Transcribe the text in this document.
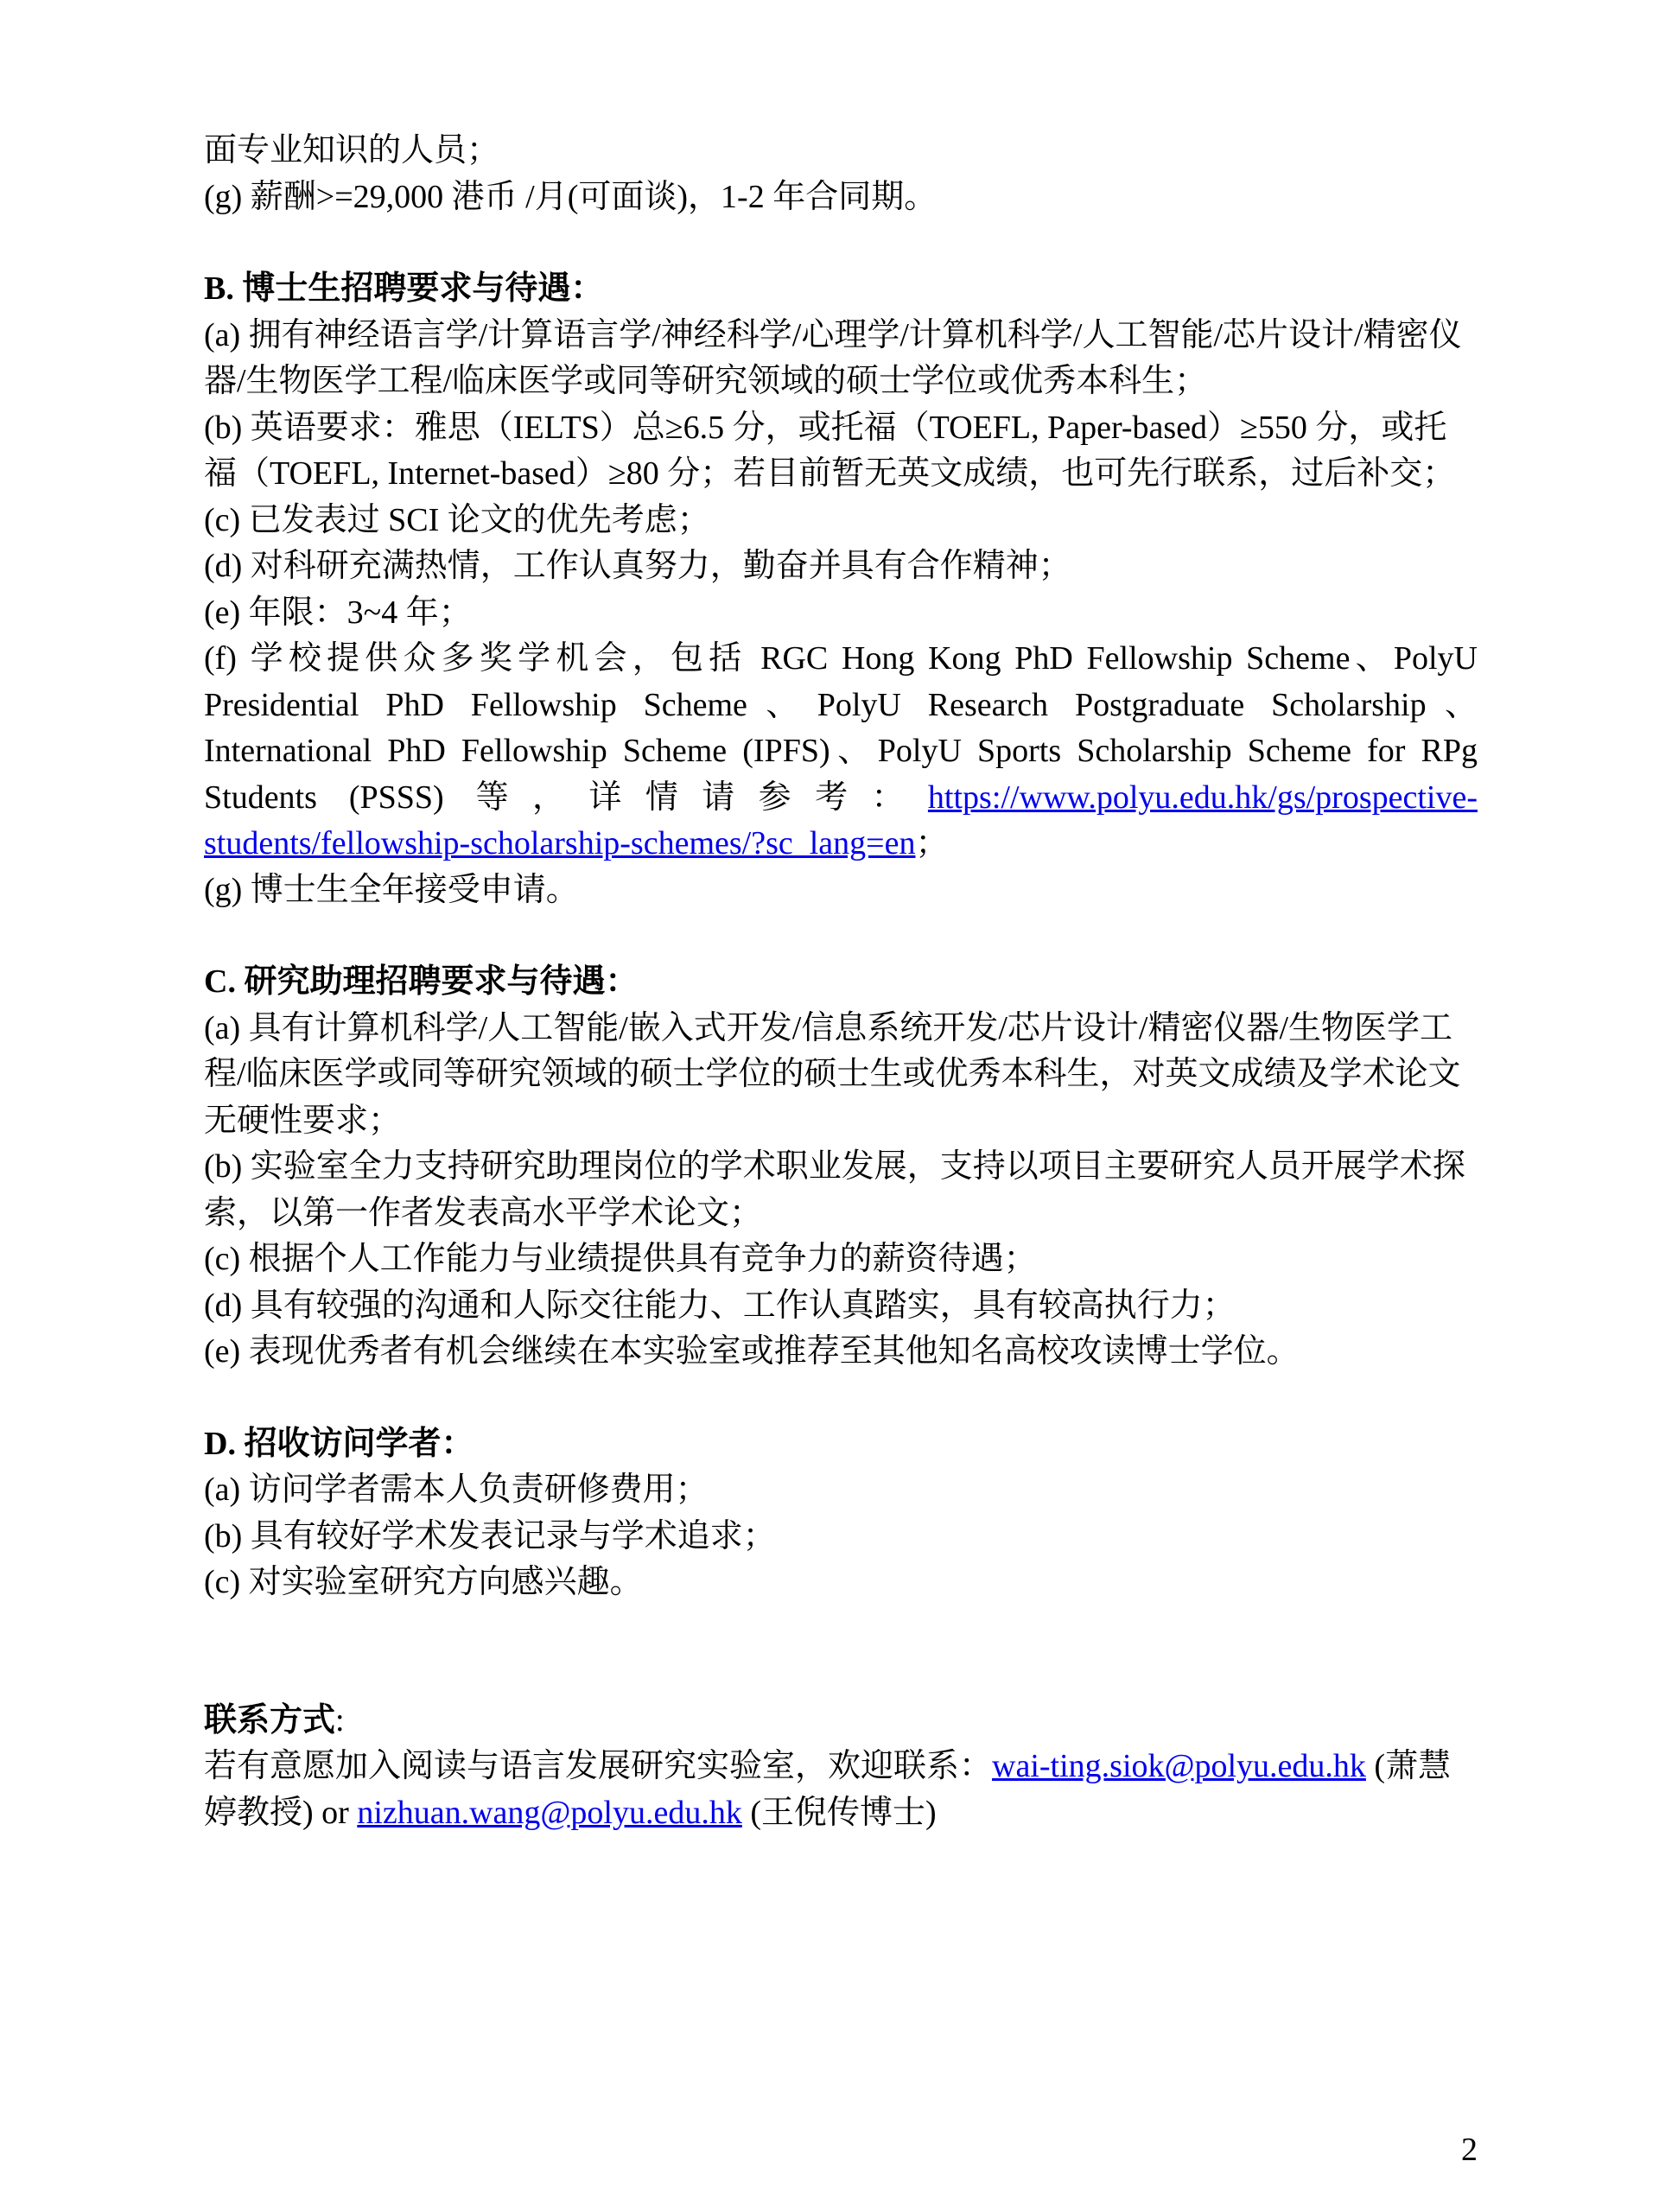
面专业知识的人员；

(g) 薪酬>=29,000 港币 /月(可面谈)，1-2 年合同期。

B. 博士生招聘要求与待遇：

(a) 拥有神经语言学/计算语言学/神经科学/心理学/计算机科学/人工智能/芯片设计/精密仪器/生物医学工程/临床医学或同等研究领域的硕士学位或优秀本科生；

(b) 英语要求：雅思（IELTS）总≥6.5 分，或托福（TOEFL, Paper-based）≥550 分，或托福（TOEFL, Internet-based）≥80 分；若目前暂无英文成绩，也可先行联系，过后补交；

(c) 已发表过 SCI 论文的优先考虑；

(d) 对科研充满热情，工作认真努力，勤奋并具有合作精神；

(e) 年限：3~4 年；

(f) 学校提供众多奖学机会，包括 RGC Hong Kong PhD Fellowship Scheme、PolyU Presidential PhD Fellowship Scheme、PolyU Research Postgraduate Scholarship、International PhD Fellowship Scheme (IPFS)、PolyU Sports Scholarship Scheme for RPg Students (PSSS) 等，详情请参考：https://www.polyu.edu.hk/gs/prospective-students/fellowship-scholarship-schemes/?sc_lang=en；

(g) 博士生全年接受申请。

C. 研究助理招聘要求与待遇：

(a) 具有计算机科学/人工智能/嵌入式开发/信息系统开发/芯片设计/精密仪器/生物医学工程/临床医学或同等研究领域的硕士学位的硕士生或优秀本科生，对英文成绩及学术论文无硬性要求；

(b) 实验室全力支持研究助理岗位的学术职业发展，支持以项目主要研究人员开展学术探索，以第一作者发表高水平学术论文；

(c) 根据个人工作能力与业绩提供具有竞争力的薪资待遇；

(d) 具有较强的沟通和人际交往能力、工作认真踏实，具有较高执行力；

(e) 表现优秀者有机会继续在本实验室或推荐至其他知名高校攻读博士学位。

D. 招收访问学者：

(a) 访问学者需本人负责研修费用；

(b) 具有较好学术发表记录与学术追求；

(c) 对实验室研究方向感兴趣。

联系方式:

若有意愿加入阅读与语言发展研究实验室，欢迎联系：wai-ting.siok@polyu.edu.hk (萧慧婷教授) or nizhuan.wang@polyu.edu.hk (王倪传博士)

2
